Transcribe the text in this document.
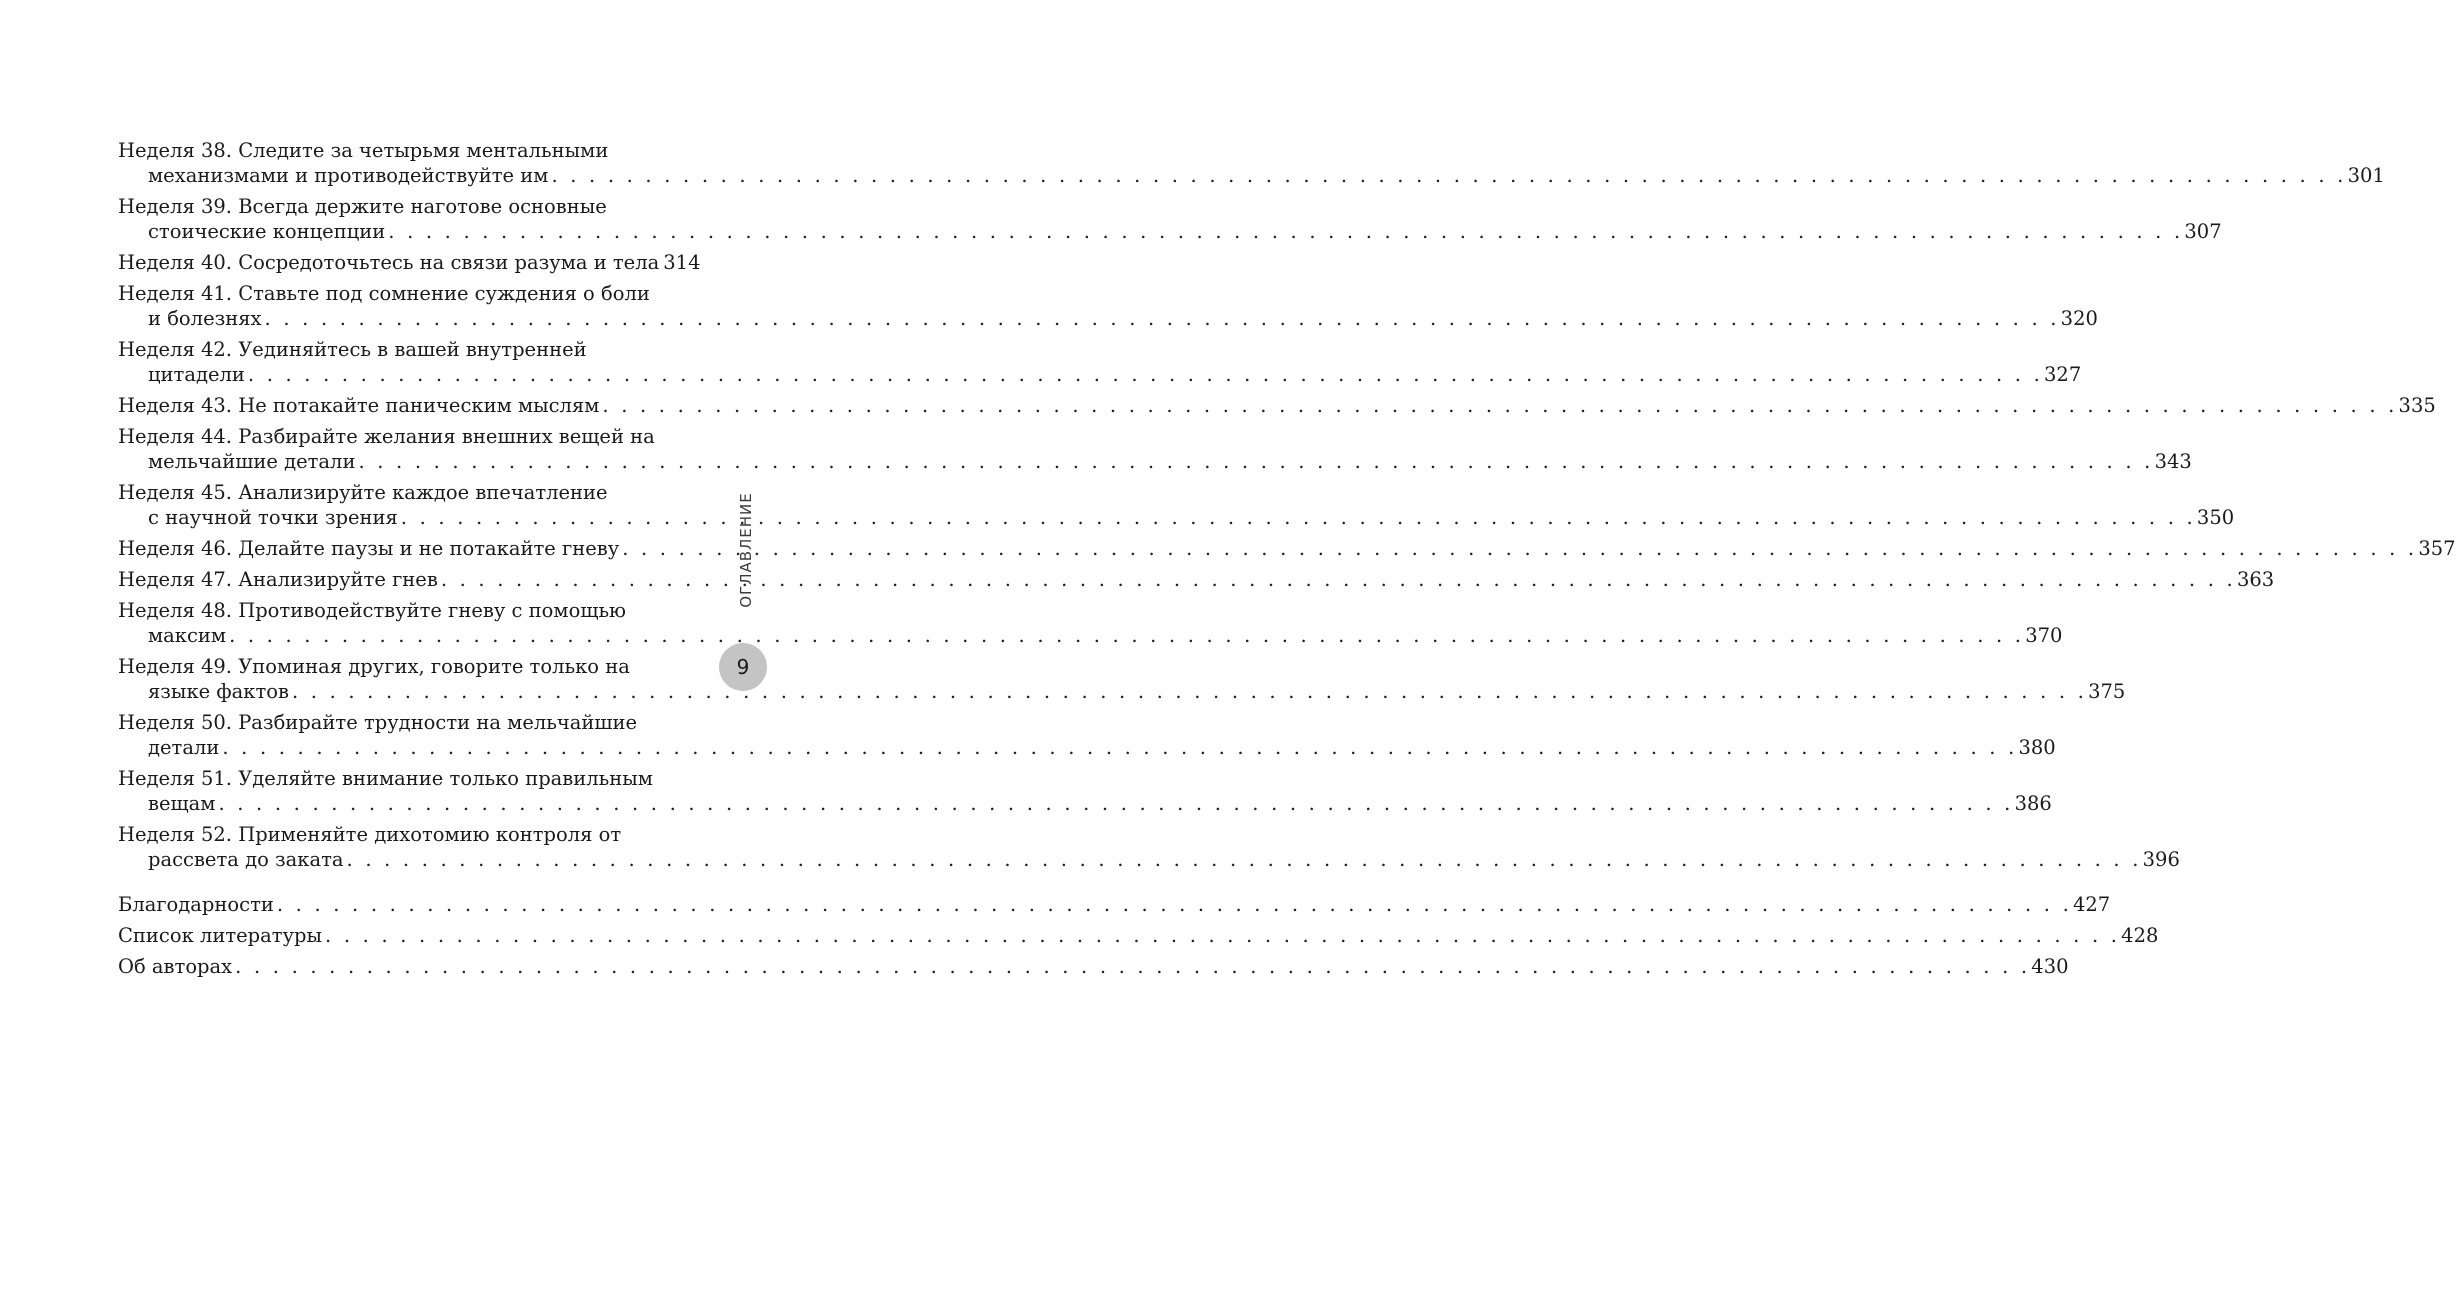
Неделя 38. Следите за четырьмя ментальными
механизмами и противодействуйте им . . .	301
Неделя 39. Всегда держите наготове основные
стоические концепции . . .	307
Неделя 40. Сосредоточьтесь на связи разума и тела 314
Неделя 41. Ставьте под сомнение суждения о боли
и болезнях . . .	320
Неделя 42. Уединяйтесь в вашей внутренней
цитадели . . .	327
Неделя 43. Не потакайте паническим мыслям . . .	335
Неделя 44. Разбирайте желания внешних вещей на
мельчайшие детали . . .	343
Неделя 45. Анализируйте каждое впечатление
с научной точки зрения . . .	350
Неделя 46. Делайте паузы и не потакайте гневу . . .	357
Неделя 47. Анализируйте гнев . . .	363
Неделя 48. Противодействуйте гневу с помощью
максим . . .	370
Неделя 49. Упоминая других, говорите только на
языке фактов . . .	375
Неделя 50. Разбирайте трудности на мельчайшие
детали . . .	380
Неделя 51. Уделяйте внимание только правильным
вещам . . .	386
Неделя 52. Применяйте дихотомию контроля от
рассвета до заката . . .	396
Благодарности . . .	427
Список литературы . . .	428
Об авторах . . .	430
ОГЛАВЛЕНИЕ
9
